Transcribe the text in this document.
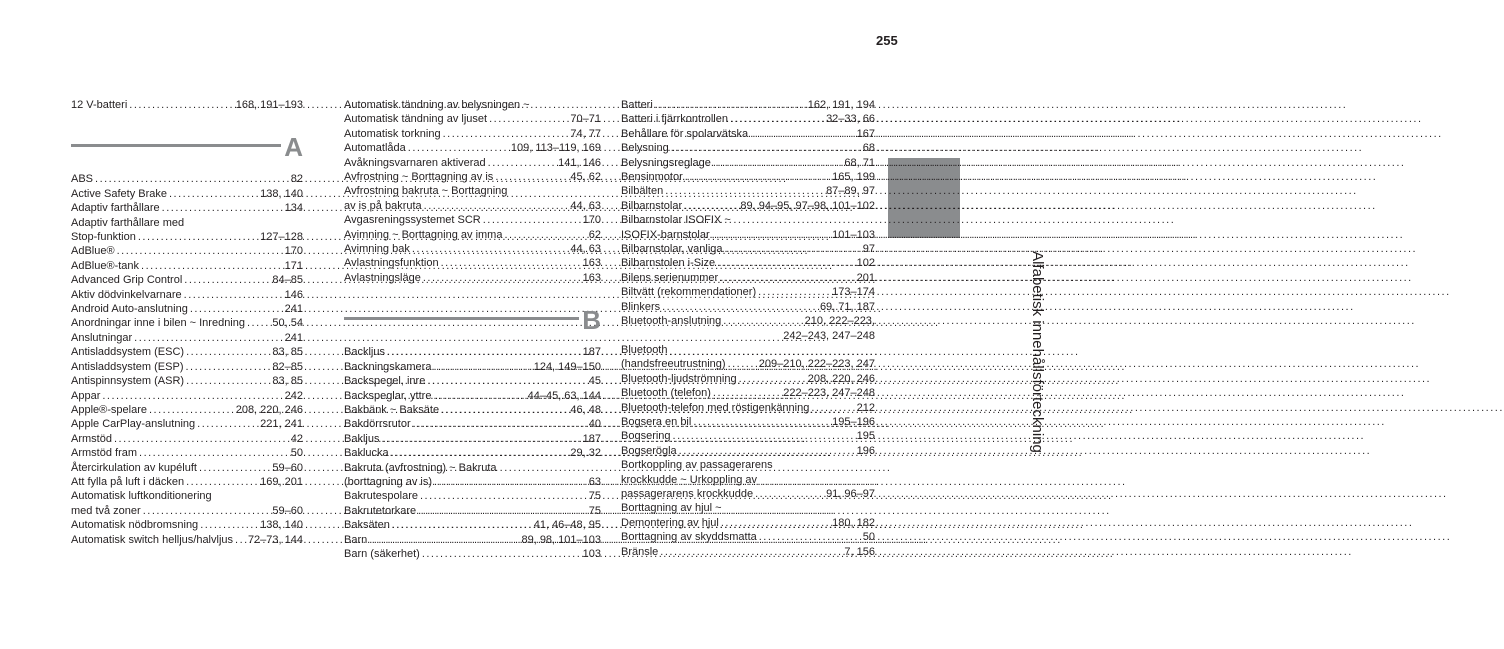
255
Alfabetisk innehållsförteckning
12 V-batteri .....	168, 191–193
A
ABS .....	82
Active Safety Brake .....	138, 140
Adaptiv farthållare .....	134
Adaptiv farthållare med
Stop-funktion .....	127–128
AdBlue® .....	170
AdBlue®-tank .....	171
Advanced Grip Control .....	84–85
Aktiv dödvinkelvarnare .....	146
Android Auto-anslutning .....	241
Anordningar inne i bilen ~ Inredning ..... 50, 54
Anslutningar .....	241
Antisladdsystem (ESC) .....	83, 85
Antisladdsystem (ESP) .....	82–85
Antispinnsystem (ASR) .....	83, 85
Appar .....	242
Apple®-spelare .....	208, 220, 246
Apple CarPlay-anslutning .....	221, 241
Armstöd .....	42
Armstöd fram .....	50
Återcirkulation av kupéluft .....	59–60
Att fylla på luft i däcken .....	169, 201
Automatisk luftkonditionering
med två zoner .....	59–60
Automatisk nödbromsning .....	138, 140
Automatisk switch helljus/halvljus ..... 72–73, 144
Automatisk tändning av belysningen ~
Automatisk tändning av ljuset .....	70–71
Automatisk torkning .....	74, 77
Automatlåda .....	109, 113–119, 169
Avåkningsvarnaren aktiverad .....	141, 146
Avfrostning ~ Borttagning av is .....	45, 62
Avfrostning bakruta ~ Borttagning
av is på bakruta .....	44, 63
Avgasreningssystemet SCR .....	170
Avimning ~ Borttagning av imma .....	62
Avimning bak .....	44, 63
Avlastningsfunktion .....	163
Avlastningsläge .....	163
B
Backljus .....	187
Backningskamera .....	124, 149–150
Backspegel, inre .....	45
Backspeglar, yttre .....	44–45, 63, 144
Bakbänk ~ Baksäte .....	46, 48
Bakdörrsrutor .....	40
Bakljus .....	187
Baklucka .....	29, 32
Bakruta (avfrostning) ~ Bakruta
(borttagning av is) .....	63
Bakrutespolare .....	75
Bakrutetorkare .....	75
Baksäten .....	41, 46–48, 95
Barn .....	89, 98, 101–103
Barn (säkerhet) .....	103
Batteri .....	162, 191, 194
Batteri i fjärrkontrollen .....	32–33, 66
Behållare för spolarvätska .....	167
Belysning .....	68
Belysningsreglage .....	68, 71
Bensinmotor .....	165, 199
Bilbälten .....	87–89, 97
Bilbarnstolar .....	89, 94–95, 97–98, 101–102
Bilbarnstolar ISOFIX ~
ISOFIX-barnstolar .....	101–103
Bilbarnstolar, vanliga .....	97
Bilbarnstolen i-Size .....	102
Bilens serienummer .....	201
Biltvätt (rekommendationer) .....	173–174
Blinkers .....	69, 71, 187
Bluetooth-anslutning .....	210, 222–223,
242–243, 247–248
Bluetooth
(handsfreeutrustning) .....	209–210, 222–223, 247
Bluetooth-ljudströmning .....	208, 220, 246
Bluetooth (telefon) .....	222–223, 247–248
Bluetooth-telefon med röstigenkänning .....	212
Bogsera en bil .....	195–196
Bogsering .....	195
Bogserögla .....	196
Bortkoppling av passagerarens
krockkudde ~ Urkoppling av
passagerarens krockkudde .....	91, 96–97
Borttagning av hjul ~
Demontering av hjul .....	180, 182
Borttagning av skyddsmatta .....	50
Bränsle .....	7, 156
